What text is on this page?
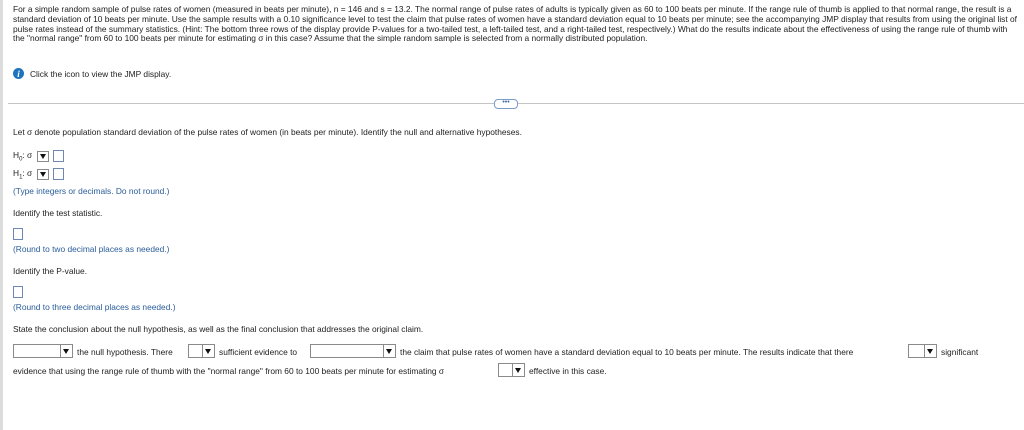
For a simple random sample of pulse rates of women (measured in beats per minute), n = 146 and s = 13.2. The normal range of pulse rates of adults is typically given as 60 to 100 beats per minute. If the range rule of thumb is applied to that normal range, the result is a standard deviation of 10 beats per minute. Use the sample results with a 0.10 significance level to test the claim that pulse rates of women have a standard deviation equal to 10 beats per minute; see the accompanying JMP display that results from using the original list of pulse rates instead of the summary statistics. (Hint: The bottom three rows of the display provide P-values for a two-tailed test, a left-tailed test, and a right-tailed test, respectively.) What do the results indicate about the effectiveness of using the range rule of thumb with the "normal range" from 60 to 100 beats per minute for estimating σ in this case? Assume that the simple random sample is selected from a normally distributed population.
i	Click the icon to view the JMP display.
•••
Let σ denote population standard deviation of the pulse rates of women (in beats per minute). Identify the null and alternative hypotheses.
$H_0$: σ
$H_1$: σ
(Type integers or decimals. Do not round.)
Identify the test statistic.
(Round to two decimal places as needed.)
Identify the P-value.
(Round to three decimal places as needed.)
State the conclusion about the null hypothesis, as well as the final conclusion that addresses the original claim.
the null hypothesis. There	sufficient evidence to	the claim that pulse rates of women have a standard deviation equal to 10 beats per minute. The results indicate that there	significant
evidence that using the range rule of thumb with the "normal range" from 60 to 100 beats per minute for estimating σ	effective in this case.
